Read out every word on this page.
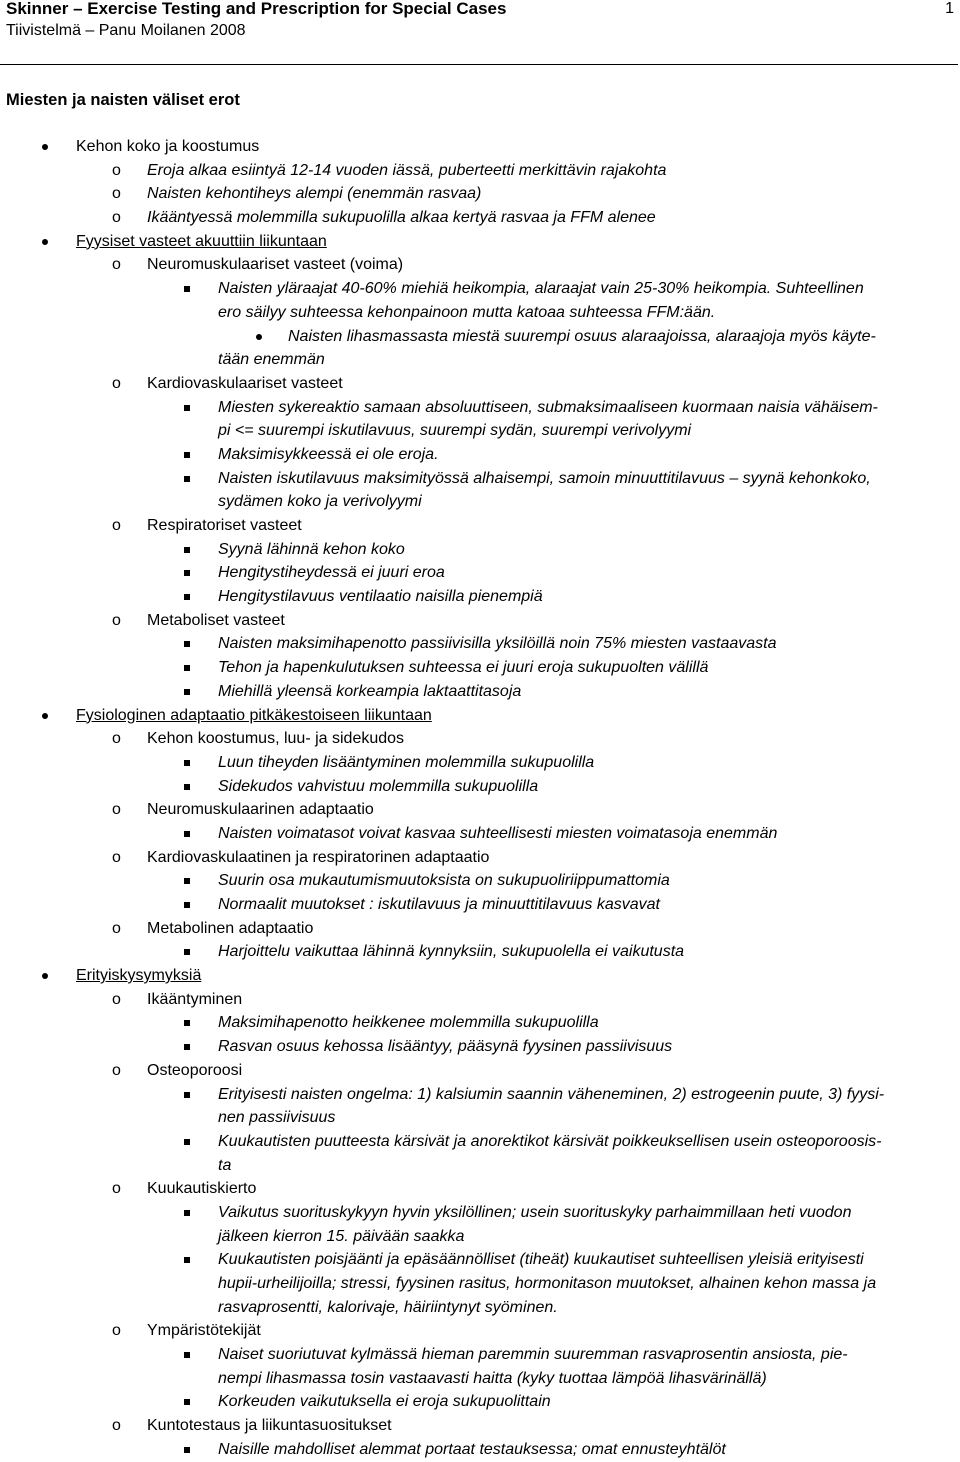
Skinner – Exercise Testing and Prescription for Special Cases
Tiivistelmä – Panu Moilanen 2008
1
Miesten ja naisten väliset erot
Kehon koko ja koostumus
o Eroja alkaa esiintyä 12-14 vuoden iässä, puberteetti merkittävin rajakohta
o Naisten kehontiheys alempi (enemmän rasvaa)
o Ikääntyessä molemmilla sukupuolilla alkaa kertyä rasvaa ja FFM alenee
Fyysiset vasteet akuuttiin liikuntaan
o Neuromuskulaariset vasteet (voima)
Naisten yläraajat 40-60% miehiä heikompia, alaraajat vain 25-30% heikompia. Suhteellinen
ero säilyy suhteessa kehonpainoon mutta katoaa suhteessa FFM:ään.
Naisten lihasmassasta miestä suurempi osuus alaraajoissa, alaraajoja myös käyte-
tään enemmän
o Kardiovaskulaariset vasteet
Miesten sykereaktio samaan absoluuttiseen, submaksimaaliseen kuormaan naisia vähäisem-
pi <= suurempi iskutilavuus, suurempi sydän, suurempi verivolyymi
Maksimisykkeessä ei ole eroja.
Naisten iskutilavuus maksimityössä alhaisempi, samoin minuuttitilavuus – syynä kehonkoko,
sydämen koko ja verivolyymi
o Respiratoriset vasteet
Syynä lähinnä kehon koko
Hengitystiheydessä ei juuri eroa
Hengitystilavuus ventilaatio naisilla pienempiä
o Metaboliset vasteet
Naisten maksimihapenotto passiivisilla yksilöillä noin 75% miesten vastaavasta
Tehon ja hapenkulutuksen suhteessa ei juuri eroja sukupuolten välillä
Miehillä yleensä korkeampia laktaattitasoja
Fysiologinen adaptaatio pitkäkestoiseen liikuntaan
o Kehon koostumus, luu- ja sidekudos
Luun tiheyden lisääntyminen molemmilla sukupuolilla
Sidekudos vahvistuu molemmilla sukupuolilla
o Neuromuskulaarinen adaptaatio
Naisten voimatasot voivat kasvaa suhteellisesti miesten voimatasoja enemmän
o Kardiovaskulaatinen ja respiratorinen adaptaatio
Suurin osa mukautumismuutoksista on sukupuoliriippumattomia
Normaalit muutokset : iskutilavuus ja minuuttitilavuus kasvavat
o Metabolinen adaptaatio
Harjoittelu vaikuttaa lähinnä kynnyksiin, sukupuolella ei vaikutusta
Erityiskysymyksiä
o Ikääntyminen
Maksimihapenotto heikkenee molemmilla sukupuolilla
Rasvan osuus kehossa lisääntyy, pääsynä fyysinen passiivisuus
o Osteoporoosi
Erityisesti naisten ongelma: 1) kalsiumin saannin väheneminen, 2) estrogeenin puute, 3) fyysi-
nen passiivisuus
Kuukautisten puutteesta kärsivät ja anorektikot kärsivät poikkeuksellisen usein osteoporoosis-
ta
o Kuukautiskierto
Vaikutus suorituskykyyn hyvin yksilöllinen; usein suorituskyky parhaimmillaan heti vuodon
jälkeen kierron 15. päivään saakka
Kuukautisten poisjäänti ja epäsäännölliset (tiheät) kuukautiset suhteellisen yleisiä erityisesti
hupii-urheilijoilla; stressi, fyysinen rasitus, hormonitason muutokset, alhainen kehon massa ja
rasvaprosentti, kalorivaje, häiriintynyt syöminen.
o Ympäristötekijät
Naiset suoriutuvat kylmässä hieman paremmin suuremman rasvaprosentin ansiosta, pie-
nempi lihasmassa tosin vastaavasti haitta (kyky tuottaa lämpöä lihasvärinällä)
Korkeuden vaikutuksella ei eroja sukupuolittain
o Kuntotestaus ja liikuntasuositukset
Naisille mahdolliset alemmat portaat testauksessa; omat ennusteyhtälöt
